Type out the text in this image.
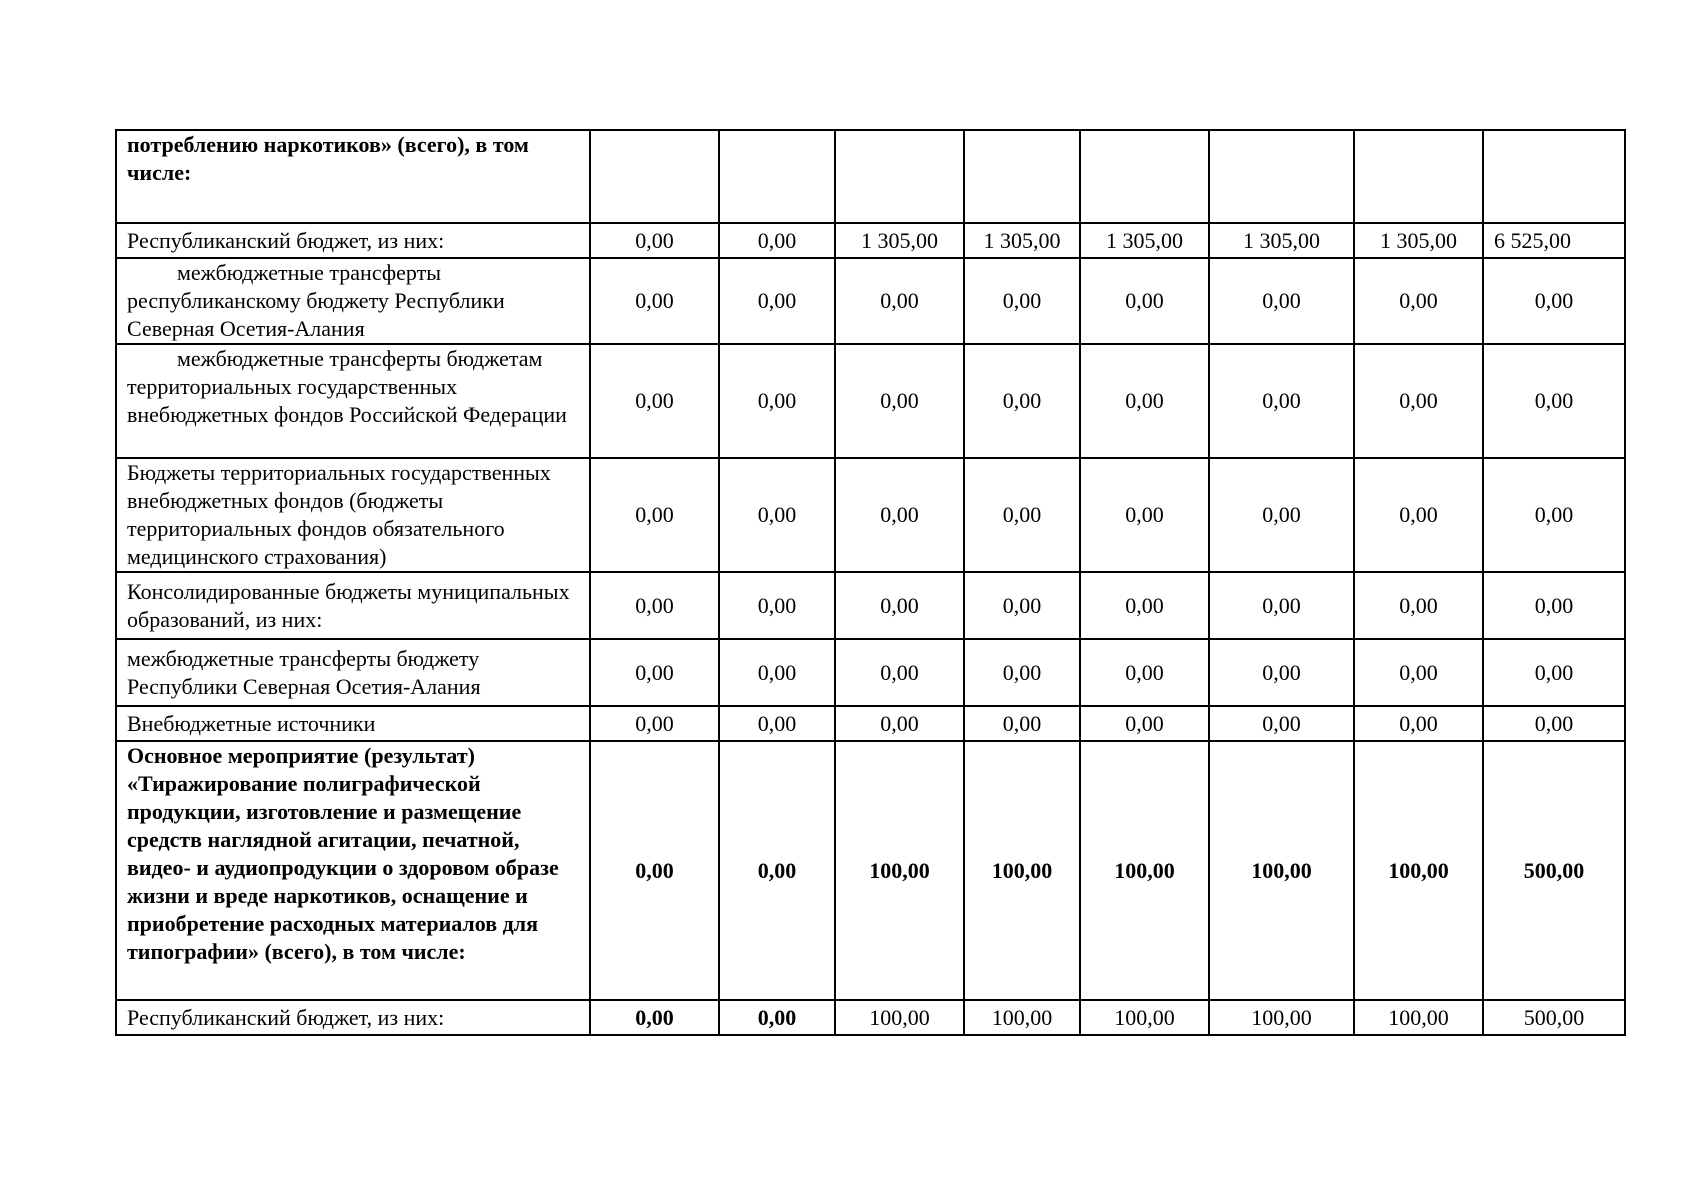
потреблению наркотиков» (всего), в том числе:								
Республиканский бюджет, из них:	0,00	0,00	1 305,00	1 305,00	1 305,00	1 305,00	1 305,00	6 525,00
межбюджетные трансферты республиканскому бюджету Республики Северная Осетия-Алания	0,00	0,00	0,00	0,00	0,00	0,00	0,00	0,00
межбюджетные трансферты бюджетам территориальных государственных внебюджетных фондов Российской Федерации	0,00	0,00	0,00	0,00	0,00	0,00	0,00	0,00
Бюджеты территориальных государственных внебюджетных фондов (бюджеты территориальных фондов обязательного медицинского страхования)	0,00	0,00	0,00	0,00	0,00	0,00	0,00	0,00
Консолидированные бюджеты муниципальных образований, из них:	0,00	0,00	0,00	0,00	0,00	0,00	0,00	0,00
межбюджетные трансферты бюджету Республики Северная Осетия-Алания	0,00	0,00	0,00	0,00	0,00	0,00	0,00	0,00
Внебюджетные источники	0,00	0,00	0,00	0,00	0,00	0,00	0,00	0,00
Основное мероприятие (результат) «Тиражирование полиграфической продукции, изготовление и размещение средств наглядной агитации, печатной, видео- и аудиопродукции о здоровом образе жизни и вреде наркотиков, оснащение и приобретение расходных материалов для типографии» (всего), в том числе:	0,00	0,00	100,00	100,00	100,00	100,00	100,00	500,00
Республиканский бюджет, из них:	0,00	0,00	100,00	100,00	100,00	100,00	100,00	500,00
